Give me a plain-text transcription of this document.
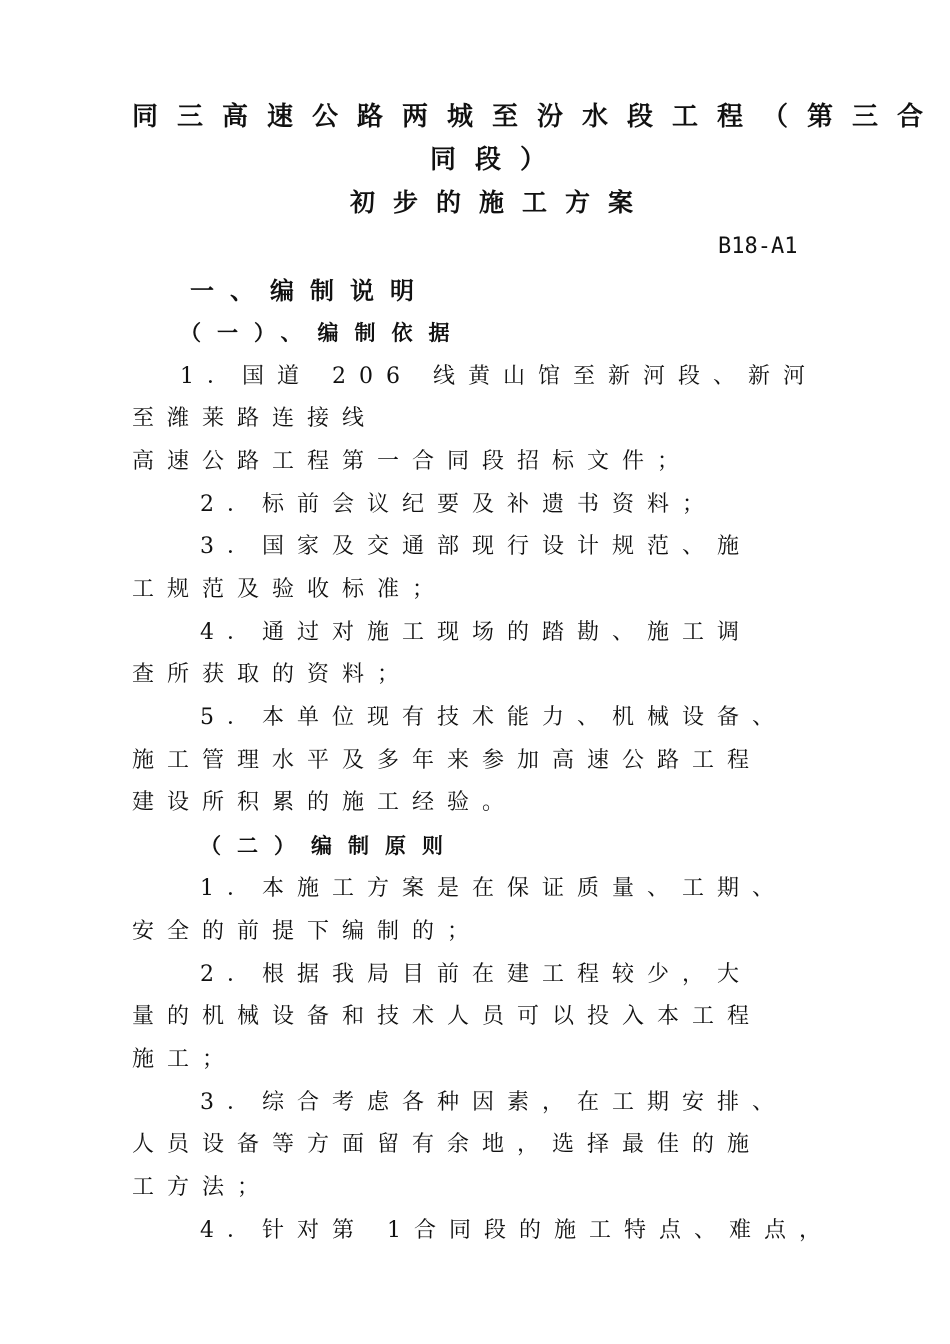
同三高速公路两城至汾水段工程（第三合
同段）
初步的施工方案
B18-A1
一、编制说明
（一）、编制依据
1．国道 206 线黄山馆至新河段、新河
至潍莱路连接线
高速公路工程第一合同段招标文件；
2．标前会议纪要及补遗书资料；
3．国家及交通部现行设计规范、施
工规范及验收标准；
4．通过对施工现场的踏勘、施工调
查所获取的资料；
5．本单位现有技术能力、机械设备、
施工管理水平及多年来参加高速公路工程
建设所积累的施工经验。
（二）编制原则
1．本施工方案是在保证质量、工期、
安全的前提下编制的；
2．根据我局目前在建工程较少，大
量的机械设备和技术人员可以投入本工程
施工；
3．综合考虑各种因素，在工期安排、
人员设备等方面留有余地，选择最佳的施
工方法；
4．针对第 1合同段的施工特点、难点，
